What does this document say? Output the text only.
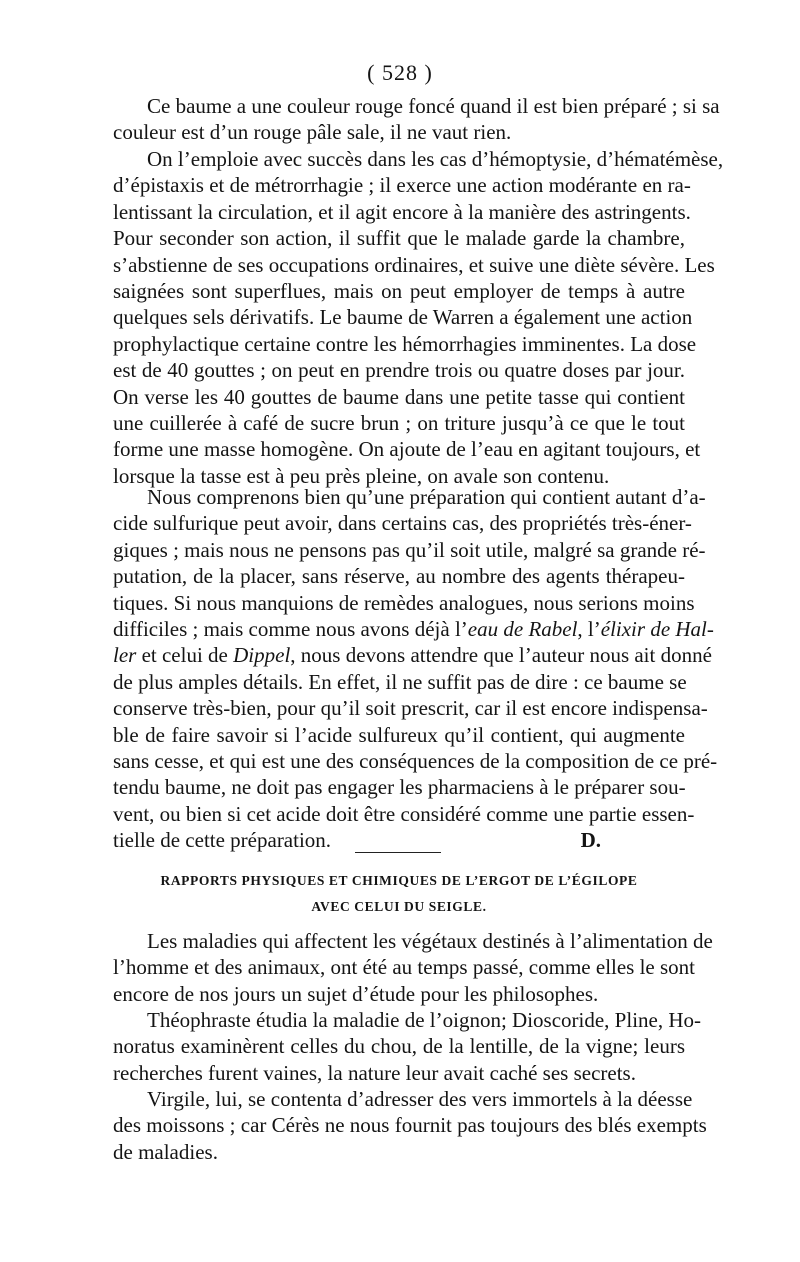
( 528 )
Ce baume a une couleur rouge foncé quand il est bien préparé ; si sa
couleur est d’un rouge pâle sale, il ne vaut rien.
On l’emploie avec succès dans les cas d’hémoptysie, d’hématémèse,
d’épistaxis et de métrorrhagie ; il exerce une action modérante en ra-
lentissant la circulation, et il agit encore à la manière des astringents.
Pour seconder son action, il suffit que le malade garde la chambre,
s’abstienne de ses occupations ordinaires, et suive une diète sévère. Les
saignées sont superflues, mais on peut employer de temps à autre
quelques sels dérivatifs. Le baume de Warren a également une action
prophylactique certaine contre les hémorrhagies imminentes. La dose
est de 40 gouttes ; on peut en prendre trois ou quatre doses par jour.
On verse les 40 gouttes de baume dans une petite tasse qui contient
une cuillerée à café de sucre brun ; on triture jusqu’à ce que le tout
forme une masse homogène. On ajoute de l’eau en agitant toujours, et
lorsque la tasse est à peu près pleine, on avale son contenu.
Nous comprenons bien qu’une préparation qui contient autant d’a-
cide sulfurique peut avoir, dans certains cas, des propriétés très-éner-
giques ; mais nous ne pensons pas qu’il soit utile, malgré sa grande ré-
putation, de la placer, sans réserve, au nombre des agents thérapeu-
tiques. Si nous manquions de remèdes analogues, nous serions moins
difficiles ; mais comme nous avons déjà l’eau de Rabel, l’élixir de Hal-
ler et celui de Dippel, nous devons attendre que l’auteur nous ait donné
de plus amples détails. En effet, il ne suffit pas de dire : ce baume se
conserve très-bien, pour qu’il soit prescrit, car il est encore indispensa-
ble de faire savoir si l’acide sulfureux qu’il contient, qui augmente
sans cesse, et qui est une des conséquences de la composition de ce pré-
tendu baume, ne doit pas engager les pharmaciens à le préparer sou-
vent, ou bien si cet acide doit être considéré comme une partie essen-
tielle de cette préparation.	D.
RAPPORTS PHYSIQUES ET CHIMIQUES DE L’ERGOT DE L’ÉGILOPE
AVEC CELUI DU SEIGLE.
Les maladies qui affectent les végétaux destinés à l’alimentation de
l’homme et des animaux, ont été au temps passé, comme elles le sont
encore de nos jours un sujet d’étude pour les philosophes.
Théophraste étudia la maladie de l’oignon; Dioscoride, Pline, Ho-
noratus examinèrent celles du chou, de la lentille, de la vigne; leurs
recherches furent vaines, la nature leur avait caché ses secrets.
Virgile, lui, se contenta d’adresser des vers immortels à la déesse
des moissons ; car Cérès ne nous fournit pas toujours des blés exempts
de maladies.
